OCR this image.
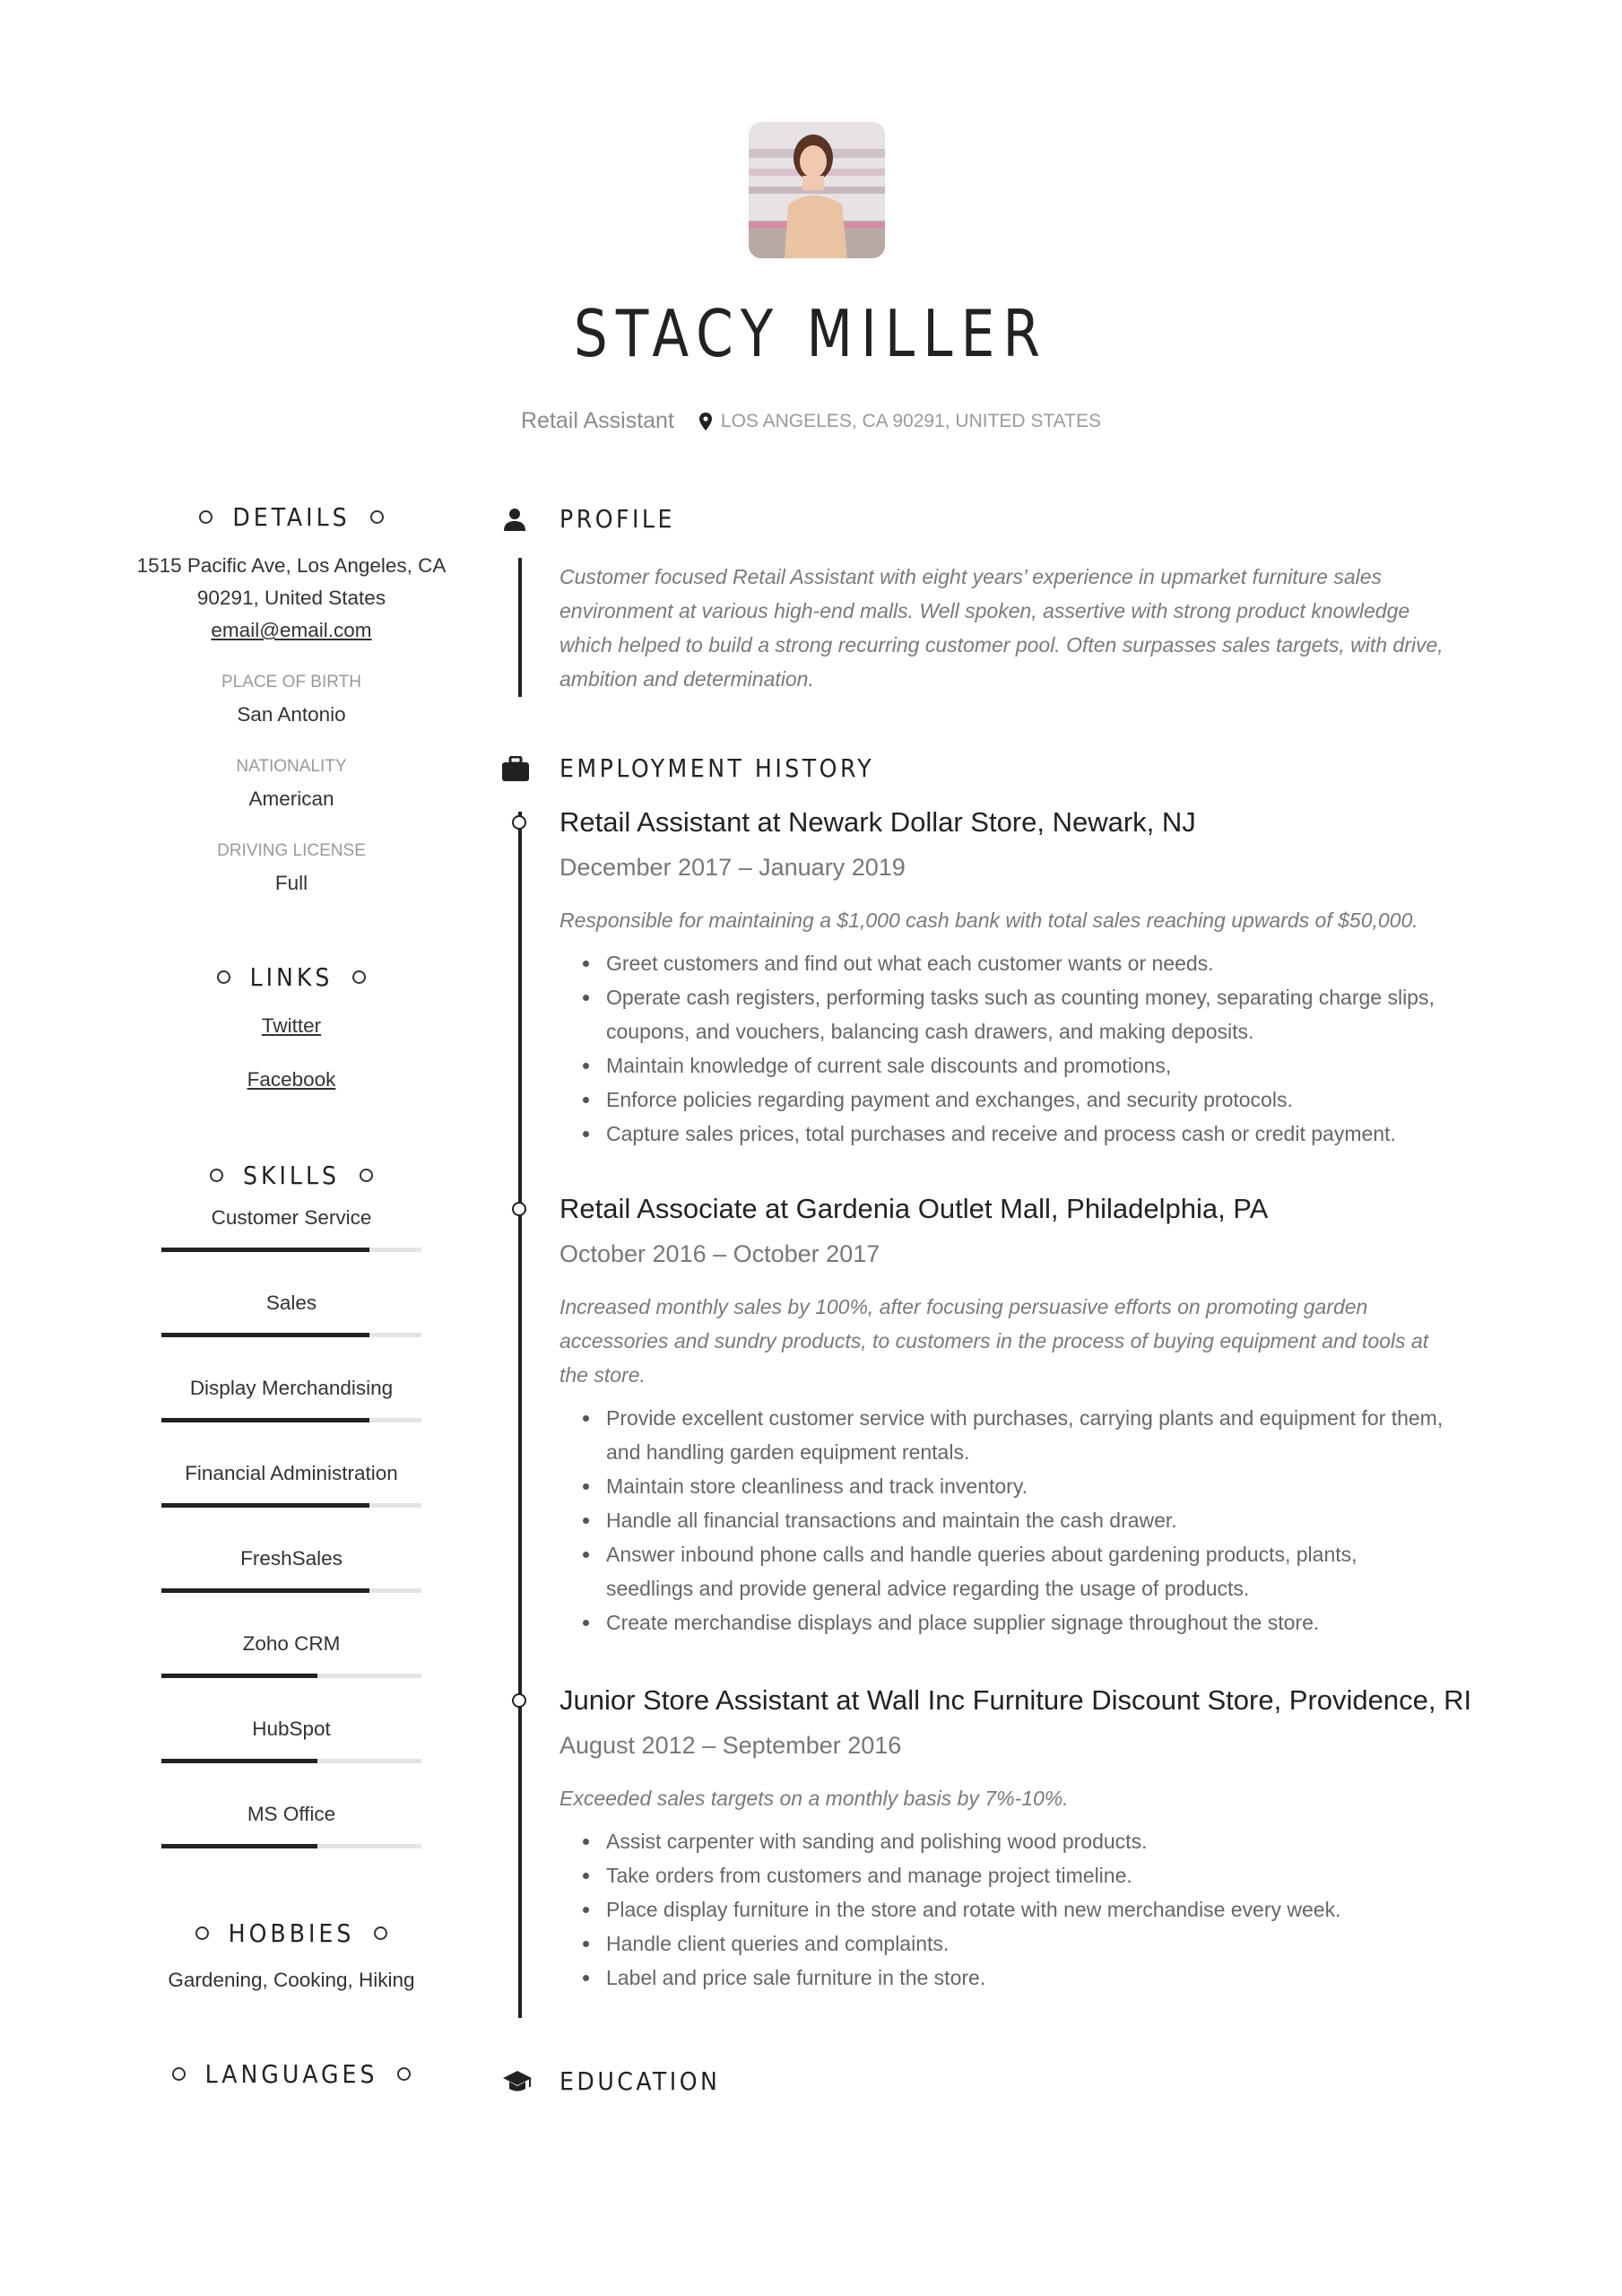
STACY MILLER
Retail Assistant LOS ANGELES, CA 90291, UNITED STATES
DETAILS
1515 Pacific Ave, Los Angeles, CA
90291, United States
email@email.com
PLACE OF BIRTH
San Antonio
NATIONALITY
American
DRIVING LICENSE
Full
LINKS
Twitter
Facebook
SKILLS
Customer Service
Sales
Display Merchandising
Financial Administration
FreshSales
Zoho CRM
HubSpot
MS Office
HOBBIES
Gardening, Cooking, Hiking
LANGUAGES
PROFILE
Customer focused Retail Assistant with eight years’ experience in upmarket furniture sales
environment at various high-end malls. Well spoken, assertive with strong product knowledge
which helped to build a strong recurring customer pool. Often surpasses sales targets, with drive,
ambition and determination.
EMPLOYMENT HISTORY
Retail Assistant at Newark Dollar Store, Newark, NJ
December 2017 – January 2019
Responsible for maintaining a $1,000 cash bank with total sales reaching upwards of $50,000.
Greet customers and find out what each customer wants or needs.
Operate cash registers, performing tasks such as counting money, separating charge slips,
coupons, and vouchers, balancing cash drawers, and making deposits.
Maintain knowledge of current sale discounts and promotions,
Enforce policies regarding payment and exchanges, and security protocols.
Capture sales prices, total purchases and receive and process cash or credit payment.
Retail Associate at Gardenia Outlet Mall, Philadelphia, PA
October 2016 – October 2017
Increased monthly sales by 100%, after focusing persuasive efforts on promoting garden
accessories and sundry products, to customers in the process of buying equipment and tools at
the store.
Provide excellent customer service with purchases, carrying plants and equipment for them,
and handling garden equipment rentals.
Maintain store cleanliness and track inventory.
Handle all financial transactions and maintain the cash drawer.
Answer inbound phone calls and handle queries about gardening products, plants,
seedlings and provide general advice regarding the usage of products.
Create merchandise displays and place supplier signage throughout the store.
Junior Store Assistant at Wall Inc Furniture Discount Store, Providence, RI
August 2012 – September 2016
Exceeded sales targets on a monthly basis by 7%-10%.
Assist carpenter with sanding and polishing wood products.
Take orders from customers and manage project timeline.
Place display furniture in the store and rotate with new merchandise every week.
Handle client queries and complaints.
Label and price sale furniture in the store.
EDUCATION
